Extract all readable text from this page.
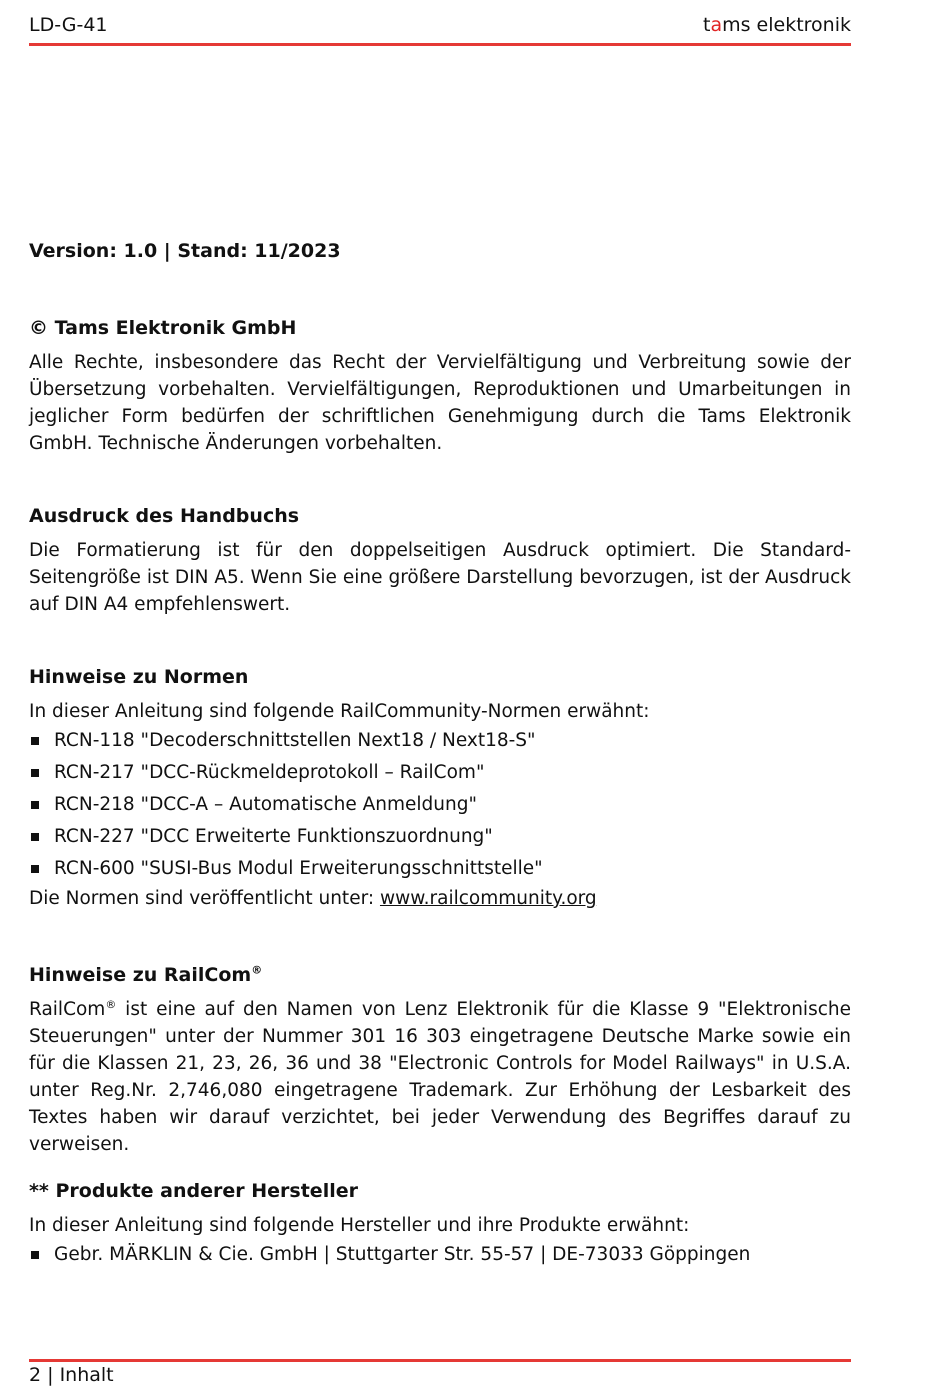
LD-G-41	tams elektronik
Version: 1.0 | Stand: 11/2023
© Tams Elektronik GmbH

Alle Rechte, insbesondere das Recht der Vervielfältigung und Verbreitung sowie der Übersetzung vorbehalten. Vervielfältigungen, Reproduktionen und Umarbeitungen in jeglicher Form bedürfen der schriftlichen Genehmigung durch die Tams Elektronik GmbH. Technische Änderungen vorbehalten.

Ausdruck des Handbuchs

Die Formatierung ist für den doppelseitigen Ausdruck optimiert. Die Standard-Seitengröße ist DIN A5. Wenn Sie eine größere Darstellung bevorzugen, ist der Ausdruck auf DIN A4 empfehlenswert.

Hinweise zu Normen

In dieser Anleitung sind folgende RailCommunity-Normen erwähnt:

RCN-118 "Decoderschnittstellen Next18 / Next18-S"
RCN-217 "DCC-Rückmeldeprotokoll – RailCom"
RCN-218 "DCC-A – Automatische Anmeldung"
RCN-227 "DCC Erweiterte Funktionszuordnung"
RCN-600 "SUSI-Bus Modul Erweiterungsschnittstelle"

Die Normen sind veröffentlicht unter: www.railcommunity.org

Hinweise zu RailCom®

RailCom® ist eine auf den Namen von Lenz Elektronik für die Klasse 9 "Elektronische Steuerungen" unter der Nummer 301 16 303 eingetragene Deutsche Marke sowie ein für die Klassen 21, 23, 26, 36 und 38 "Electronic Controls for Model Railways" in U.S.A. unter Reg.Nr. 2,746,080 eingetragene Trademark. Zur Erhöhung der Lesbarkeit des Textes haben wir darauf verzichtet, bei jeder Verwendung des Begriffes darauf zu verweisen.

** Produkte anderer Hersteller

In dieser Anleitung sind folgende Hersteller und ihre Produkte erwähnt:

Gebr. MÄRKLIN & Cie. GmbH | Stuttgarter Str. 55-57 | DE-73033 Göppingen
2 | Inhalt
